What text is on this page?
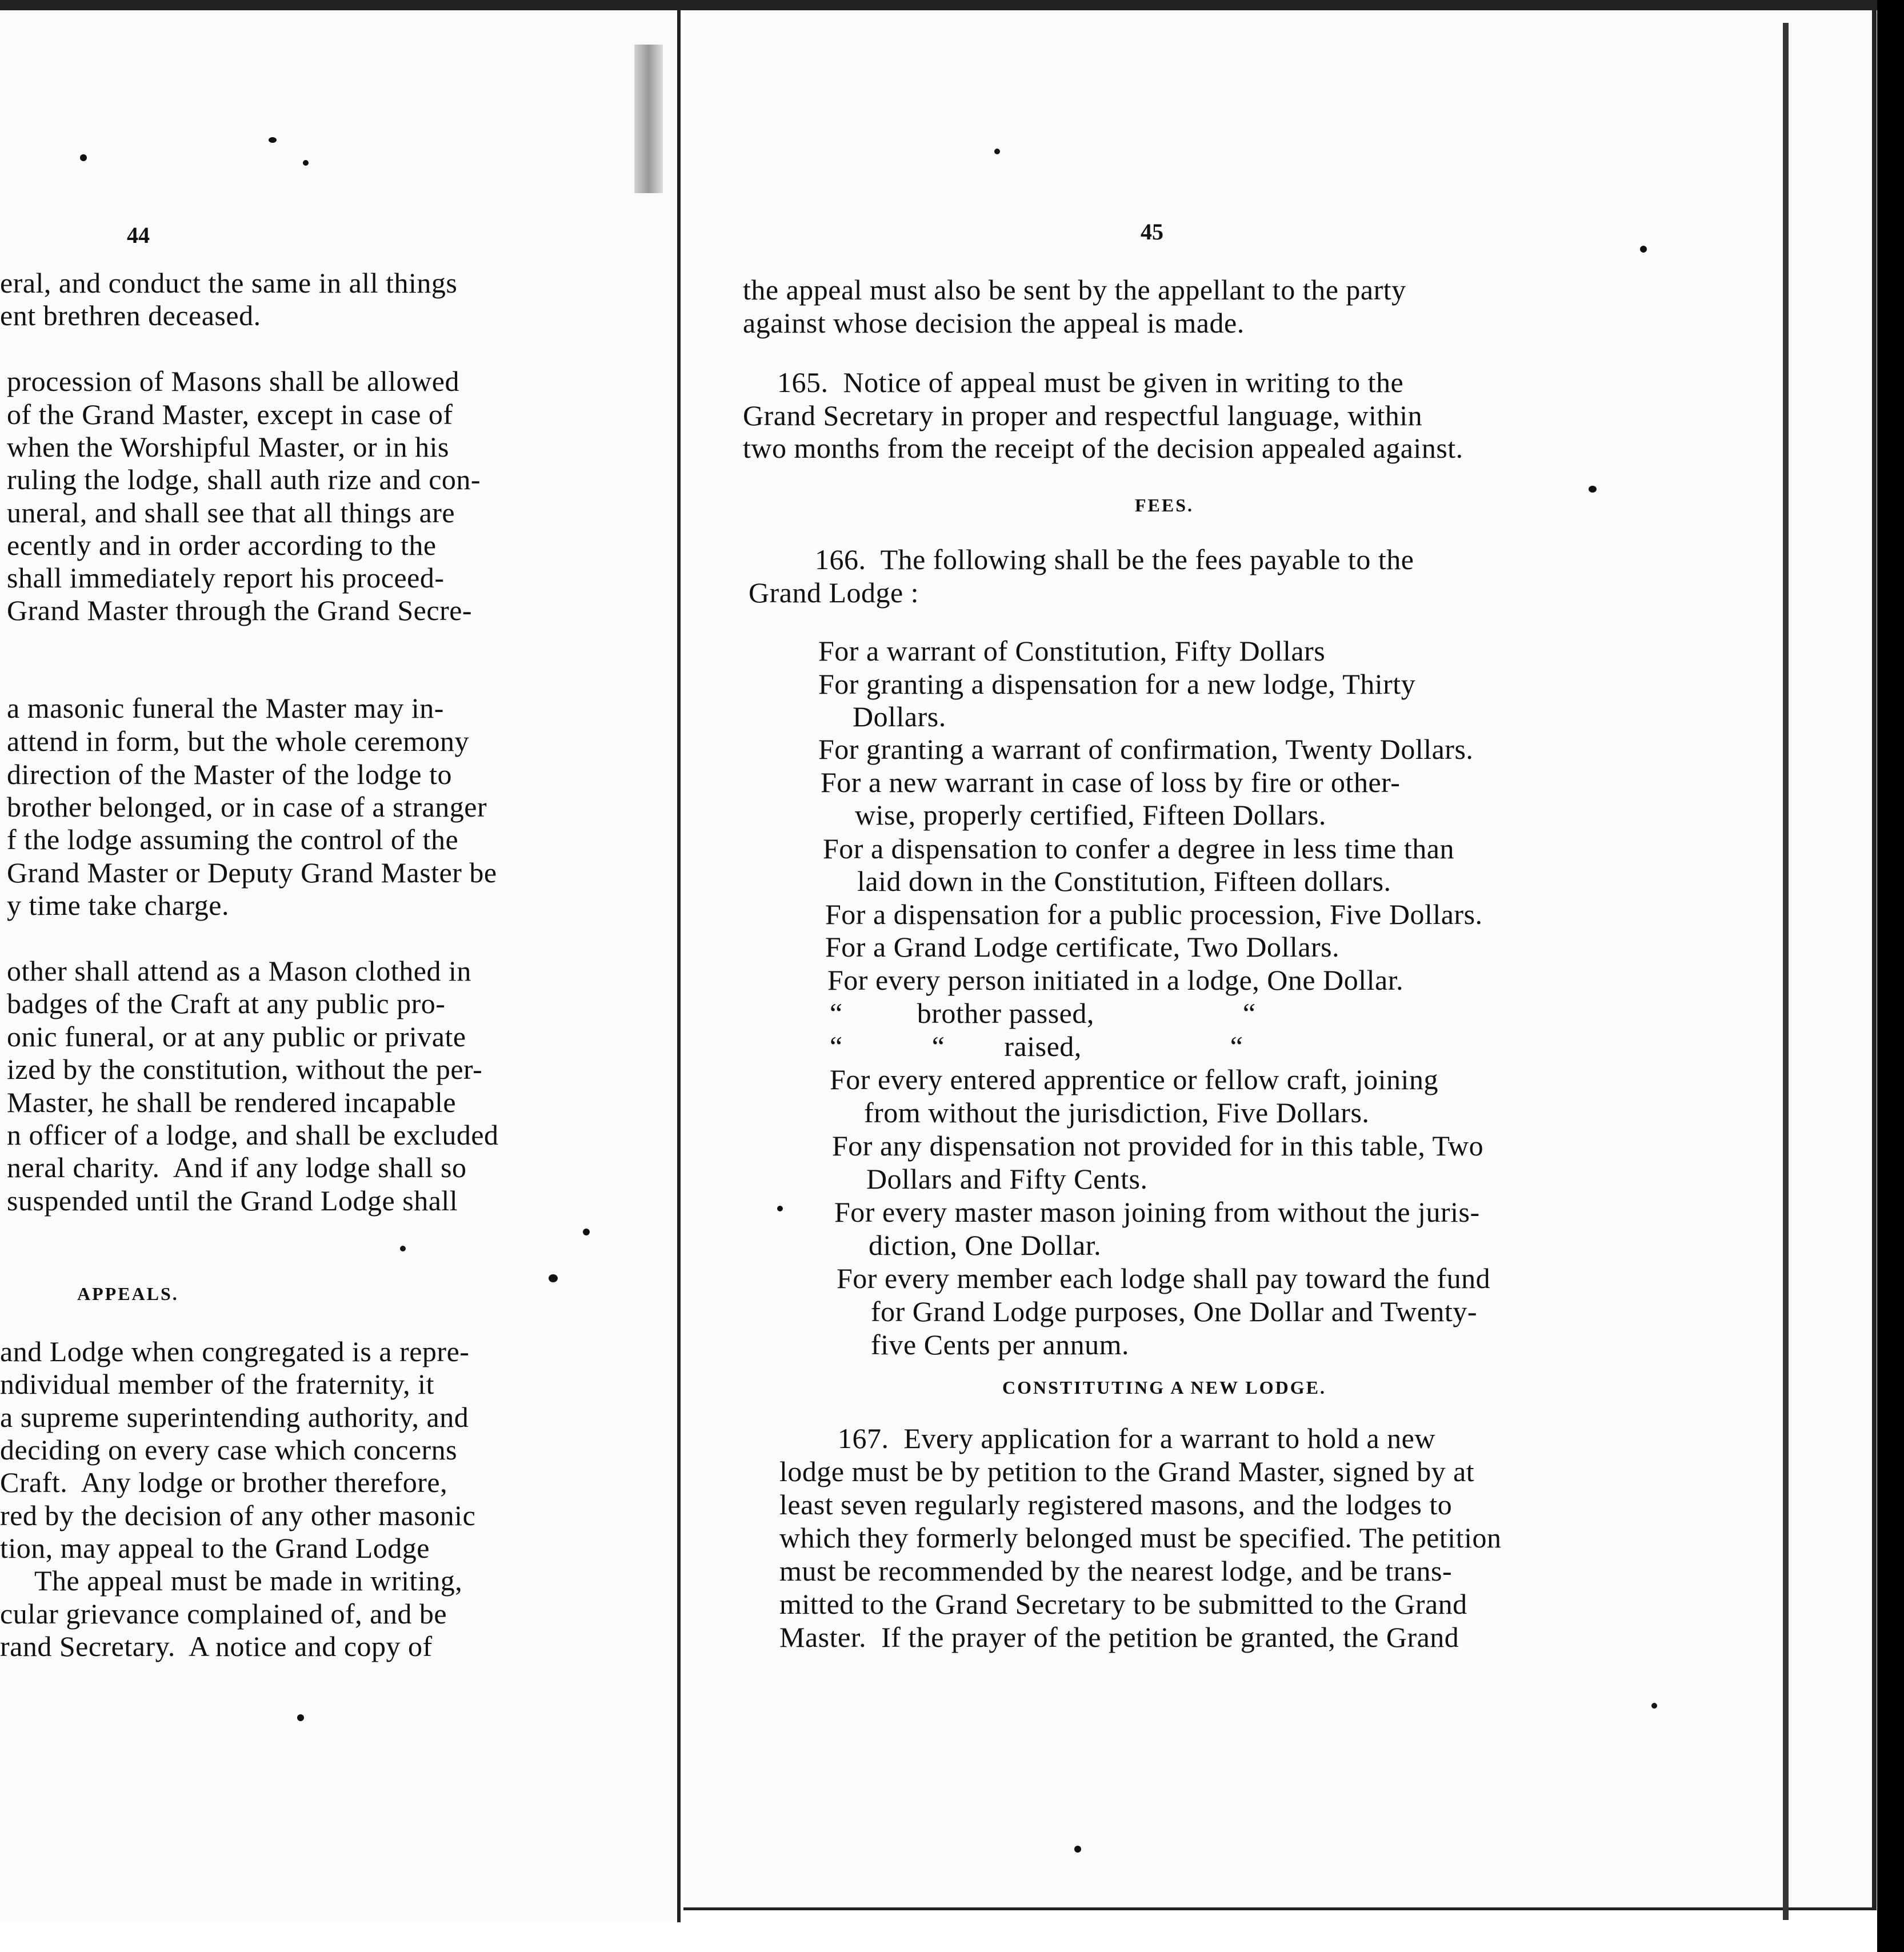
44
eral, and conduct the same in all things
ent brethren deceased.
procession of Masons shall be allowed
of the Grand Master, except in case of
when the Worshipful Master, or in his
ruling the lodge, shall auth rize and con-
uneral, and shall see that all things are
ecently and in order according to the
shall immediately report his proceed-
Grand Master through the Grand Secre-
a masonic funeral the Master may in-
attend in form, but the whole ceremony
direction of the Master of the lodge to
brother belonged, or in case of a stranger
f the lodge assuming the control of the
Grand Master or Deputy Grand Master be
y time take charge.
other shall attend as a Mason clothed in
badges of the Craft at any public pro-
onic funeral, or at any public or private
ized by the constitution, without the per-
Master, he shall be rendered incapable
n officer of a lodge, and shall be excluded
neral charity.  And if any lodge shall so
suspended until the Grand Lodge shall
APPEALS.
and Lodge when congregated is a repre-
ndividual member of the fraternity, it
a supreme superintending authority, and
deciding on every case which concerns
Craft.  Any lodge or brother therefore,
red by the decision of any other masonic
tion, may appeal to the Grand Lodge
The appeal must be made in writing,
cular grievance complained of, and be
rand Secretary.  A notice and copy of
45
the appeal must also be sent by the appellant to the party
against whose decision the appeal is made.
165.  Notice of appeal must be given in writing to the
Grand Secretary in proper and respectful language, within
two months from the receipt of the decision appealed against.
FEES.
166.  The following shall be the fees payable to the
Grand Lodge :
For a warrant of Constitution, Fifty Dollars
For granting a dispensation for a new lodge, Thirty
Dollars.
For granting a warrant of confirmation, Twenty Dollars.
For a new warrant in case of loss by fire or other-
wise, properly certified, Fifteen Dollars.
For a dispensation to confer a degree in less time than
laid down in the Constitution, Fifteen dollars.
For a dispensation for a public procession, Five Dollars.
For a Grand Lodge certificate, Two Dollars.
For every person initiated in a lodge, One Dollar.
“          brother passed,                    “
“            “        raised,                    “
For every entered apprentice or fellow craft, joining
from without the jurisdiction, Five Dollars.
For any dispensation not provided for in this table, Two
Dollars and Fifty Cents.
For every master mason joining from without the juris-
diction, One Dollar.
For every member each lodge shall pay toward the fund
for Grand Lodge purposes, One Dollar and Twenty-
five Cents per annum.
CONSTITUTING A NEW LODGE.
167.  Every application for a warrant to hold a new
lodge must be by petition to the Grand Master, signed by at
least seven regularly registered masons, and the lodges to
which they formerly belonged must be specified. The petition
must be recommended by the nearest lodge, and be trans-
mitted to the Grand Secretary to be submitted to the Grand
Master.  If the prayer of the petition be granted, the Grand
